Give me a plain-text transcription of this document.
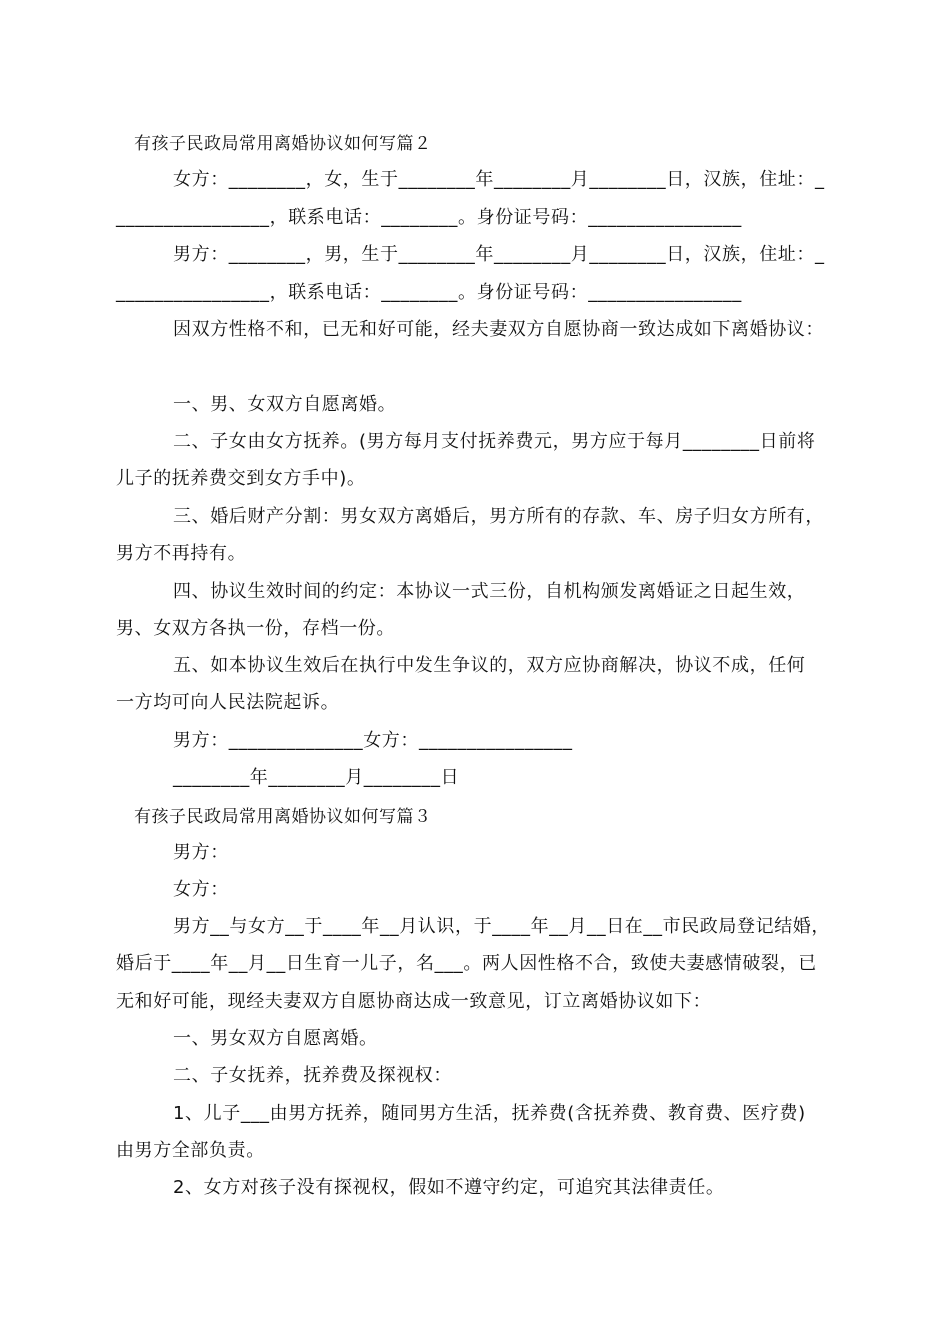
有孩子民政局常用离婚协议如何写篇２
女方：________，女，生于________年________月________日，汉族，住址：_
________________，联系电话：________。身份证号码：________________
男方：________，男，生于________年________月________日，汉族，住址：_
________________，联系电话：________。身份证号码：________________
因双方性格不和，已无和好可能，经夫妻双方自愿协商一致达成如下离婚协议：
一、男、女双方自愿离婚。
二、子女由女方抚养。(男方每月支付抚养费元，男方应于每月________日前将
儿子的抚养费交到女方手中)。
三、婚后财产分割：男女双方离婚后，男方所有的存款、车、房子归女方所有，
男方不再持有。
四、协议生效时间的约定：本协议一式三份，自机构颁发离婚证之日起生效，
男、女双方各执一份，存档一份。
五、如本协议生效后在执行中发生争议的，双方应协商解决，协议不成，任何
一方均可向人民法院起诉。
男方：______________女方：________________
________年________月________日
有孩子民政局常用离婚协议如何写篇３
男方：
女方：
男方__与女方__于____年__月认识，于____年__月__日在__市民政局登记结婚，
婚后于____年__月__日生育一儿子，名___。两人因性格不合，致使夫妻感情破裂，已
无和好可能，现经夫妻双方自愿协商达成一致意见，订立离婚协议如下：
一、男女双方自愿离婚。
二、子女抚养，抚养费及探视权：
1、儿子___由男方抚养，随同男方生活，抚养费(含抚养费、教育费、医疗费)
由男方全部负责。
2、女方对孩子没有探视权，假如不遵守约定，可追究其法律责任。
